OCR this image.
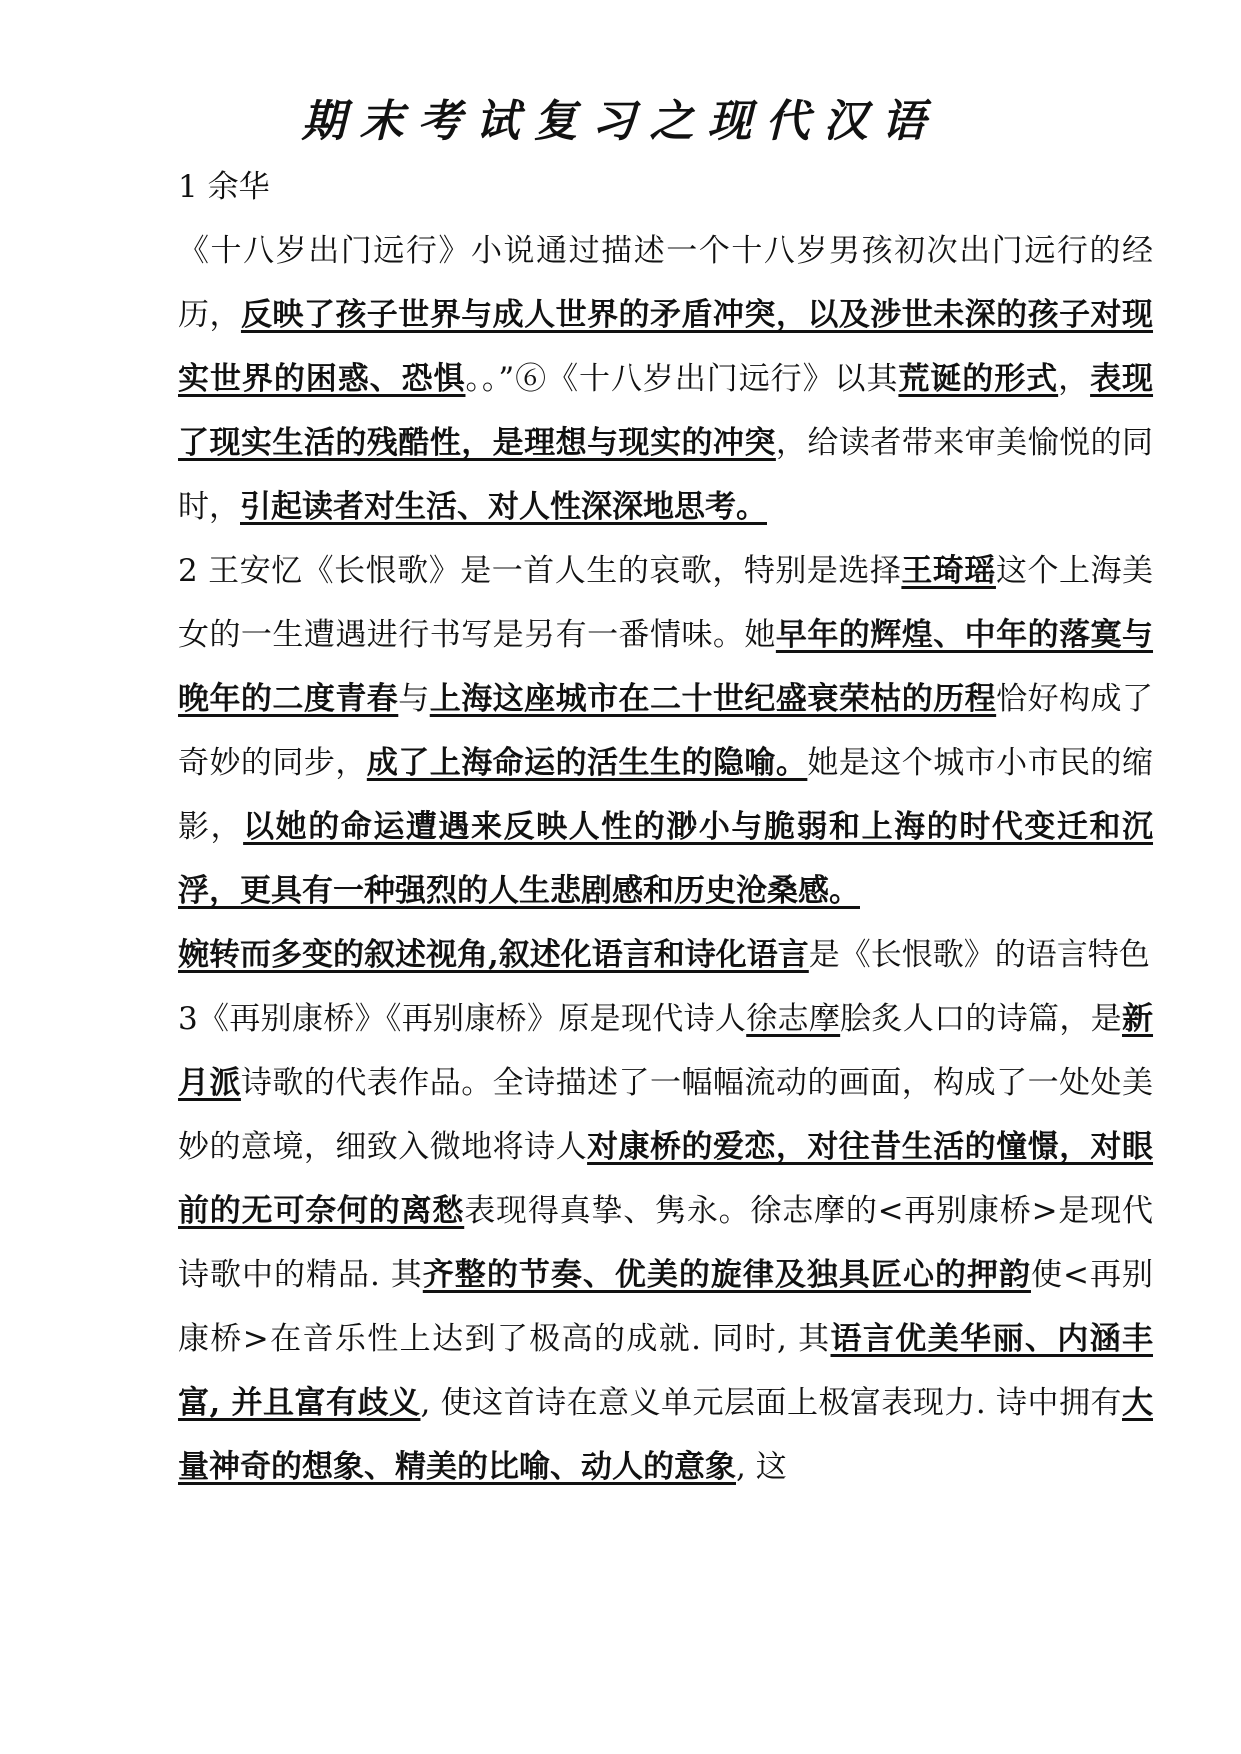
期末考试复习之现代汉语

1 余华

《十八岁出门远行》小说通过描述一个十八岁男孩初次出门远行的经历，反映了孩子世界与成人世界的矛盾冲突，以及涉世未深的孩子对现实世界的困惑、恐惧。。”⑥《十八岁出门远行》以其荒诞的形式，表现了现实生活的残酷性，是理想与现实的冲突，给读者带来审美愉悦的同时，引起读者对生活、对人性深深地思考。

2 王安忆《长恨歌》是一首人生的哀歌，特别是选择王琦瑶这个上海美女的一生遭遇进行书写是另有一番情味。她早年的辉煌、中年的落寞与晚年的二度青春与上海这座城市在二十世纪盛衰荣枯的历程恰好构成了奇妙的同步，成了上海命运的活生生的隐喻。她是这个城市小市民的缩影，以她的命运遭遇来反映人性的渺小与脆弱和上海的时代变迁和沉浮，更具有一种强烈的人生悲剧感和历史沧桑感。

婉转而多变的叙述视角,叙述化语言和诗化语言是《长恨歌》的语言特色

3《再别康桥》《再别康桥》原是现代诗人徐志摩脍炙人口的诗篇，是新月派诗歌的代表作品。全诗描述了一幅幅流动的画面，构成了一处处美妙的意境，细致入微地将诗人对康桥的爱恋，对往昔生活的憧憬，对眼前的无可奈何的离愁表现得真挚、隽永。徐志摩的<再别康桥>是现代诗歌中的精品. 其齐整的节奏、优美的旋律及独具匠心的押韵使<再别康桥>在音乐性上达到了极高的成就. 同时, 其语言优美华丽、内涵丰富, 并且富有歧义, 使这首诗在意义单元层面上极富表现力. 诗中拥有大量神奇的想象、精美的比喻、动人的意象, 这
